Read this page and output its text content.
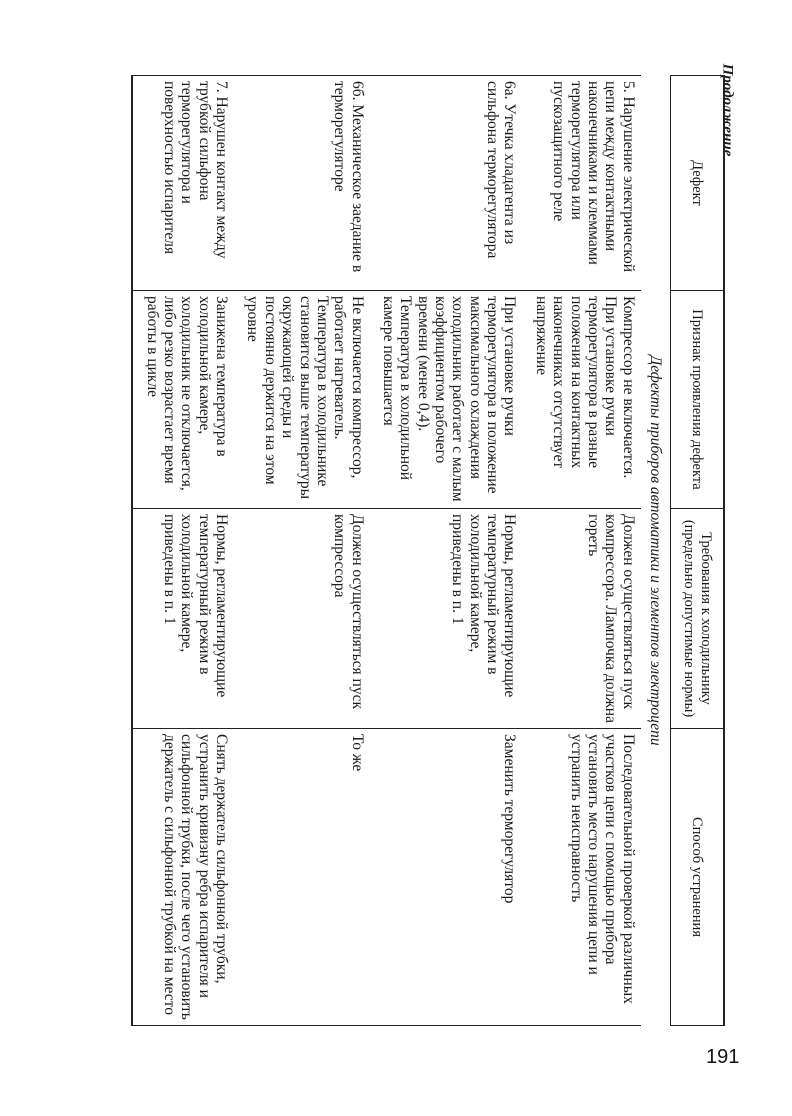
Продолжение
Дефект	Признак проявления дефекта	Требования к холодильнику (предельно допустимые нормы)	Способ устранения
Дефекты приборов автоматики и элементов электроцепи			
5. Нарушение электрической цепи между контактными наконечниками и клеммами терморегулятора или пускозащитного реле	Компрессор не включается. При установке ручки терморегулятора в разные положения на контактных наконечниках отсутствует напряжение	Должен осуществляться пуск компрессора. Лампочка должна гореть	Последовательной проверкой различных участков цепи с помощью прибора установить место нарушения цепи и устранить неисправность
6а. Утечка хладагента из сильфона терморегулятора	При установке ручки терморегулятора в положение максимального охлаждения холодильник работает с малым коэффициентом рабочего времени (менее 0,4). Температура в холодильной камере повышается	Нормы, регламентирующие температурный режим в холодильной камере, приведены в п. 1	Заменить терморегулятор
6б. Механическое заедание в терморегуляторе	Не включается компрессор, работает нагреватель. Температура в холодильнике становится выше температуры окружающей среды и постоянно держится на этом уровне	Должен осуществляться пуск компрессора	То же
7. Нарушен контакт между трубкой сильфона терморегулятора и поверхностью испарителя	Занижена температура в холодильной камере, холодильник не отключается, либо резко возрастает время работы в цикле	Нормы, регламентирующие температурный режим в холодильной камере, приведены в п. 1	Снять держатель сильфонной трубки, устранить кривизну ребра испарителя и сильфонной трубки, после чего установить держатель с сильфонной трубкой на место
191
